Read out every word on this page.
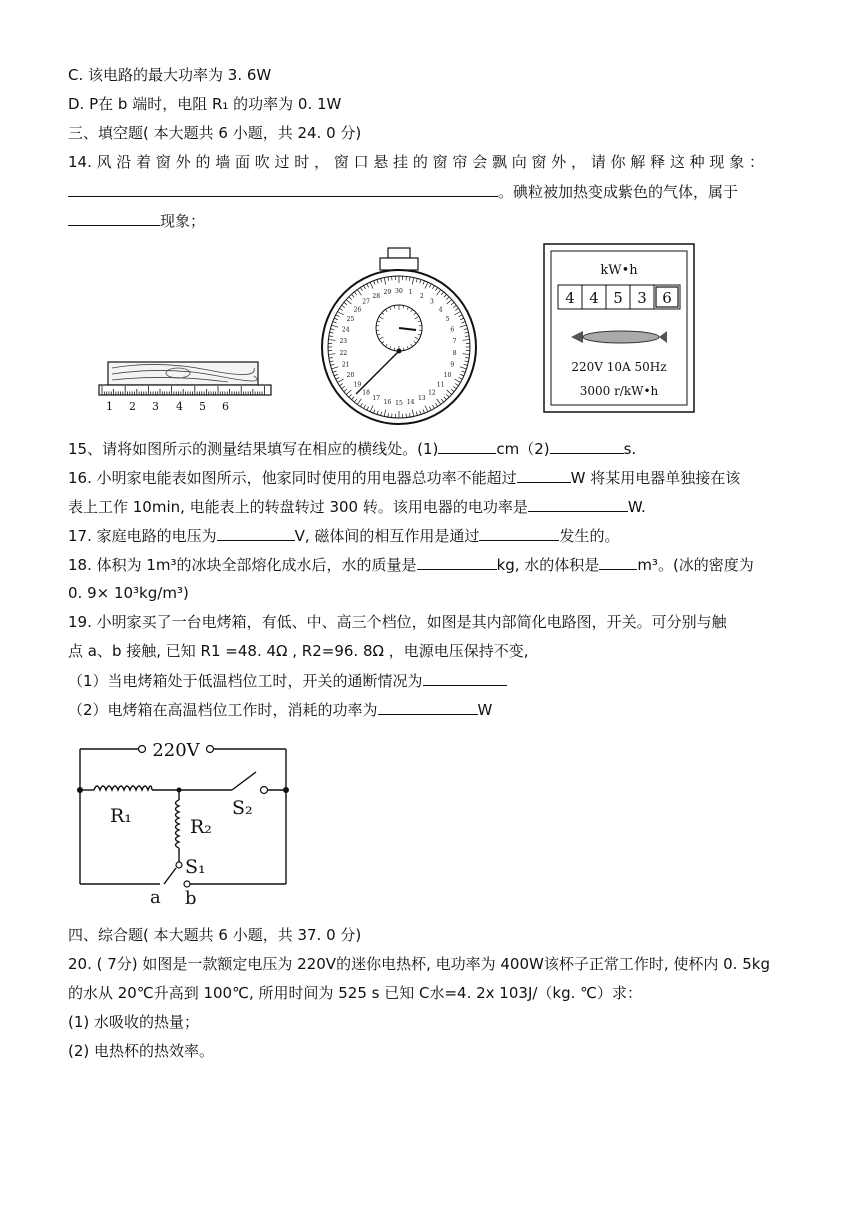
C. 该电路的最大功率为 3. 6W
D. P在 b 端时，电阻 R₁ 的功率为 0. 1W
三、填空题( 本大题共 6 小题，共 24. 0 分)
14. 风 沿 着 窗 外 的 墙 面 吹 过 时 ， 窗 口 悬 挂 的 窗 帘 会 飘 向 窗 外 ， 请 你 解 释 这 种 现 象 ：
。碘粒被加热变成紫色的气体，属于
现象；
1 2 3 4 5 6
1
2
3
4
5
6
7
8
9
10
11
12
13
14
15
16
17
18
19
20
21
22
23
24
25
26
27
28
29 30
kW•h
4 4 5 3 6
220V 10A 50Hz
3000 r/kW•h
15、请将如图所示的测量结果填写在相应的横线处。(1)	cm（2)	s.
16. 小明家电能表如图所示，他家同时使用的用电器总功率不能超过	W 将某用电器单独接在该
表上工作 10min, 电能表上的转盘转过 300 转。该用电器的电功率是	W.
17. 家庭电路的电压为	V, 磁体间的相互作用是通过	发生的。
18. 体积为 1m³的冰块全部熔化成水后，水的质量是	kg, 水的体积是	m³。(冰的密度为
0. 9× 10³kg/m³)
19. 小明家买了一台电烤箱，有低、中、高三个档位，如图是其内部简化电路图，开关。可分别与触
点 a、b 接触, 已知 R1 =48. 4Ω , R2=96. 8Ω ，电源电压保持不变,
（1）当电烤箱处于低温档位工时，开关的通断情况为
（2）电烤箱在高温档位工作时，消耗的功率为	W
220V
R₁	R₂
S₂
S₁
a b
四、综合题( 本大题共 6 小题，共 37. 0 分)
20. ( 7分) 如图是一款额定电压为 220V的迷你电热杯, 电功率为 400W该杯子正常工作时, 使杯内 0. 5kg
的水从 20℃升高到 100℃, 所用时间为 525 s 已知 C水=4. 2x 103J/（kg. ℃）求：
(1) 水吸收的热量；
(2) 电热杯的热效率。
